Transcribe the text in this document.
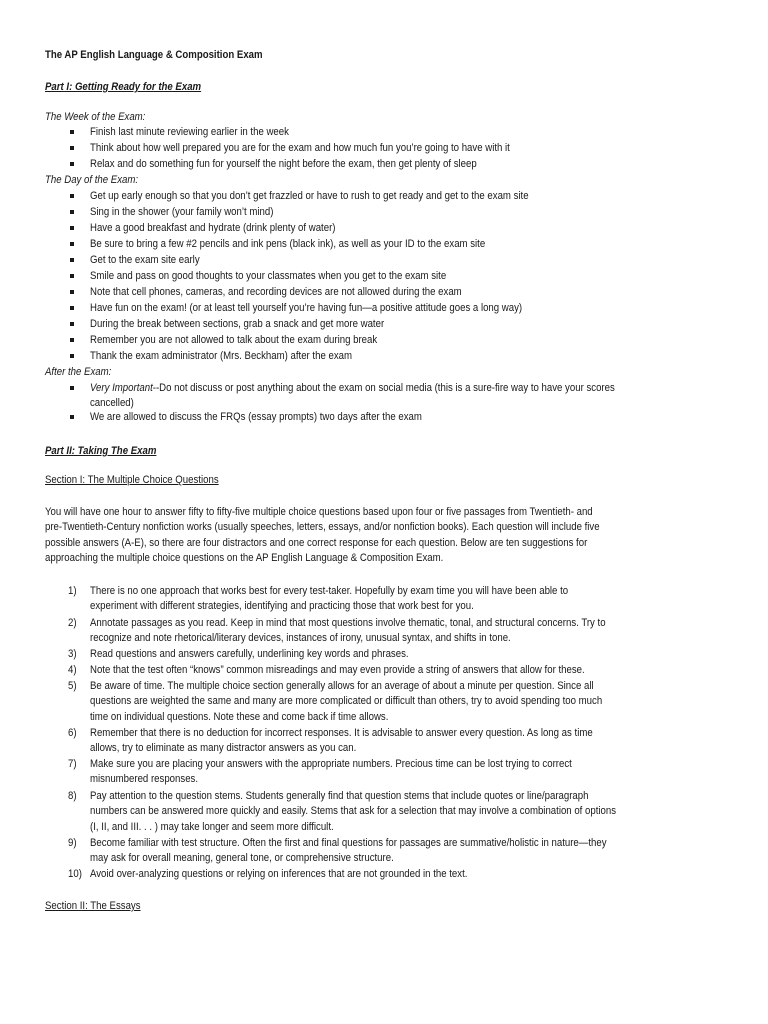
The AP English Language & Composition Exam
Part I: Getting Ready for the Exam
The Week of the Exam:
Finish last minute reviewing earlier in the week
Think about how well prepared you are for the exam and how much fun you’re going to have with it
Relax and do something fun for yourself the night before the exam, then get plenty of sleep
The Day of the Exam:
Get up early enough so that you don’t get frazzled or have to rush to get ready and get to the exam site
Sing in the shower (your family won’t mind)
Have a good breakfast and hydrate (drink plenty of water)
Be sure to bring a few #2 pencils and ink pens (black ink), as well as your ID to the exam site
Get to the exam site early
Smile and pass on good thoughts to your classmates when you get to the exam site
Note that cell phones, cameras, and recording devices are not allowed during the exam
Have fun on the exam! (or at least tell yourself you’re having fun—a positive attitude goes a long way)
During the break between sections, grab a snack and get more water
Remember you are not allowed to talk about the exam during break
Thank the exam administrator (Mrs. Beckham) after the exam
After the Exam:
Very Important--Do not discuss or post anything about the exam on social media (this is a sure-fire way to have your scores
cancelled)
We are allowed to discuss the FRQs (essay prompts) two days after the exam
Part II: Taking The Exam
Section I: The Multiple Choice Questions
You will have one hour to answer fifty to fifty-five multiple choice questions based upon four or five passages from Twentieth- and
pre-Twentieth-Century nonfiction works (usually speeches, letters, essays, and/or nonfiction books). Each question will include five
possible answers (A-E), so there are four distractors and one correct response for each question. Below are ten suggestions for
approaching the multiple choice questions on the AP English Language & Composition Exam.
1) There is no one approach that works best for every test-taker. Hopefully by exam time you will have been able to
experiment with different strategies, identifying and practicing those that work best for you.
2) Annotate passages as you read. Keep in mind that most questions involve thematic, tonal, and structural concerns. Try to
recognize and note rhetorical/literary devices, instances of irony, unusual syntax, and shifts in tone.
3) Read questions and answers carefully, underlining key words and phrases.
4) Note that the test often “knows” common misreadings and may even provide a string of answers that allow for these.
5) Be aware of time. The multiple choice section generally allows for an average of about a minute per question. Since all
questions are weighted the same and many are more complicated or difficult than others, try to avoid spending too much
time on individual questions. Note these and come back if time allows.
6) Remember that there is no deduction for incorrect responses. It is advisable to answer every question. As long as time
allows, try to eliminate as many distractor answers as you can.
7) Make sure you are placing your answers with the appropriate numbers. Precious time can be lost trying to correct
misnumbered responses.
8) Pay attention to the question stems. Students generally find that question stems that include quotes or line/paragraph
numbers can be answered more quickly and easily. Stems that ask for a selection that may involve a combination of options
(I, II, and III. . . ) may take longer and seem more difficult.
9) Become familiar with test structure. Often the first and final questions for passages are summative/holistic in nature—they
may ask for overall meaning, general tone, or comprehensive structure.
10) Avoid over-analyzing questions or relying on inferences that are not grounded in the text.
Section II: The Essays
